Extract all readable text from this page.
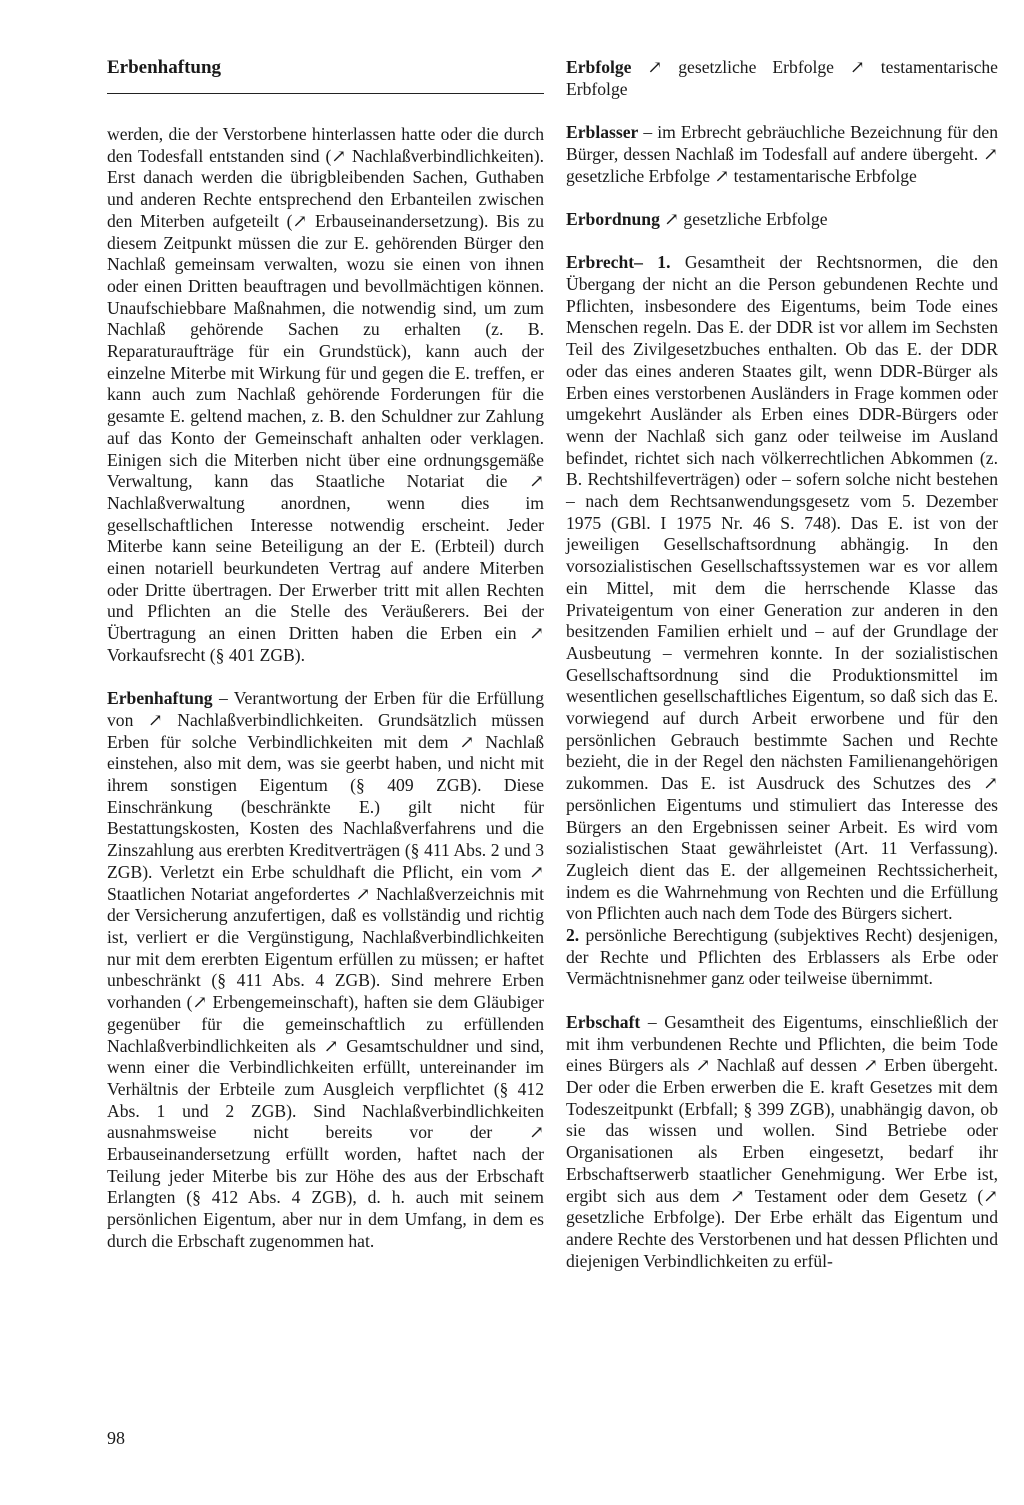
Erbenhaftung

werden, die der Verstorbene hinterlassen hatte oder die durch den Todesfall entstanden sind (↗ Nachlaßverbindlichkeiten). Erst danach werden die übrigbleibenden Sachen, Guthaben und anderen Rechte entsprechend den Erbanteilen zwischen den Miterben aufgeteilt (↗ Erbauseinandersetzung). Bis zu diesem Zeitpunkt müssen die zur E. gehörenden Bürger den Nachlaß gemeinsam verwalten, wozu sie einen von ihnen oder einen Dritten beauftragen und bevollmächtigen können. Unaufschiebbare Maßnahmen, die notwendig sind, um zum Nachlaß gehörende Sachen zu erhalten (z. B. Reparaturaufträge für ein Grundstück), kann auch der einzelne Miterbe mit Wirkung für und gegen die E. treffen, er kann auch zum Nachlaß gehörende Forderungen für die gesamte E. geltend machen, z. B. den Schuldner zur Zahlung auf das Konto der Gemeinschaft anhalten oder verklagen. Einigen sich die Miterben nicht über eine ordnungsgemäße Verwaltung, kann das Staatliche Notariat die ↗ Nachlaßverwaltung anordnen, wenn dies im gesellschaftlichen Interesse notwendig erscheint. Jeder Miterbe kann seine Beteiligung an der E. (Erbteil) durch einen notariell beurkundeten Vertrag auf andere Miterben oder Dritte übertragen. Der Erwerber tritt mit allen Rechten und Pflichten an die Stelle des Veräußerers. Bei der Übertragung an einen Dritten haben die Erben ein ↗ Vorkaufsrecht (§ 401 ZGB).

Erbenhaftung – Verantwortung der Erben für die Erfüllung von ↗ Nachlaßverbindlichkeiten. Grundsätzlich müssen Erben für solche Verbindlichkeiten mit dem ↗ Nachlaß einstehen, also mit dem, was sie geerbt haben, und nicht mit ihrem sonstigen Eigentum (§ 409 ZGB). Diese Einschränkung (beschränkte E.) gilt nicht für Bestattungskosten, Kosten des Nachlaßverfahrens und die Zinszahlung aus ererbten Kreditverträgen (§ 411 Abs. 2 und 3 ZGB). Verletzt ein Erbe schuldhaft die Pflicht, ein vom ↗ Staatlichen Notariat angefordertes ↗ Nachlaßverzeichnis mit der Versicherung anzufertigen, daß es vollständig und richtig ist, verliert er die Vergünstigung, Nachlaßverbindlichkeiten nur mit dem ererbten Eigentum erfüllen zu müssen; er haftet unbeschränkt (§ 411 Abs. 4 ZGB). Sind mehrere Erben vorhanden (↗ Erbengemeinschaft), haften sie dem Gläubiger gegenüber für die gemeinschaftlich zu erfüllenden Nachlaßverbindlichkeiten als ↗ Gesamtschuldner und sind, wenn einer die Verbindlichkeiten erfüllt, untereinander im Verhältnis der Erbteile zum Ausgleich verpflichtet (§ 412 Abs. 1 und 2 ZGB). Sind Nachlaßverbindlichkeiten ausnahmsweise nicht bereits vor der ↗ Erbauseinandersetzung erfüllt worden, haftet nach der Teilung jeder Miterbe bis zur Höhe des aus der Erbschaft Erlangten (§ 412 Abs. 4 ZGB), d. h. auch mit seinem persönlichen Eigentum, aber nur in dem Umfang, in dem es durch die Erbschaft zugenommen hat.

Erbfolge ↗ gesetzliche Erbfolge ↗ testamentarische Erbfolge

Erblasser – im Erbrecht gebräuchliche Bezeichnung für den Bürger, dessen Nachlaß im Todesfall auf andere übergeht. ↗ gesetzliche Erbfolge ↗ testamentarische Erbfolge

Erbordnung ↗ gesetzliche Erbfolge

Erbrecht– 1. Gesamtheit der Rechtsnormen, die den Übergang der nicht an die Person gebundenen Rechte und Pflichten, insbesondere des Eigentums, beim Tode eines Menschen regeln. Das E. der DDR ist vor allem im Sechsten Teil des Zivilgesetzbuches enthalten. Ob das E. der DDR oder das eines anderen Staates gilt, wenn DDR-Bürger als Erben eines verstorbenen Ausländers in Frage kommen oder umgekehrt Ausländer als Erben eines DDR-Bürgers oder wenn der Nachlaß sich ganz oder teilweise im Ausland befindet, richtet sich nach völkerrechtlichen Abkommen (z. B. Rechtshilfeverträgen) oder – sofern solche nicht bestehen – nach dem Rechtsanwendungsgesetz vom 5. Dezember 1975 (GBl. I 1975 Nr. 46 S. 748). Das E. ist von der jeweiligen Gesellschaftsordnung abhängig. In den vorsozialistischen Gesellschaftssystemen war es vor allem ein Mittel, mit dem die herrschende Klasse das Privateigentum von einer Generation zur anderen in den besitzenden Familien erhielt und – auf der Grundlage der Ausbeutung – vermehren konnte. In der sozialistischen Gesellschaftsordnung sind die Produktionsmittel im wesentlichen gesellschaftliches Eigentum, so daß sich das E. vorwiegend auf durch Arbeit erworbene und für den persönlichen Gebrauch bestimmte Sachen und Rechte bezieht, die in der Regel den nächsten Familienangehörigen zukommen. Das E. ist Ausdruck des Schutzes des ↗ persönlichen Eigentums und stimuliert das Interesse des Bürgers an den Ergebnissen seiner Arbeit. Es wird vom sozialistischen Staat gewährleistet (Art. 11 Verfassung). Zugleich dient das E. der allgemeinen Rechtssicherheit, indem es die Wahrnehmung von Rechten und die Erfüllung von Pflichten auch nach dem Tode des Bürgers sichert.

2. persönliche Berechtigung (subjektives Recht) desjenigen, der Rechte und Pflichten des Erblassers als Erbe oder Vermächtnisnehmer ganz oder teilweise übernimmt.

Erbschaft – Gesamtheit des Eigentums, einschließlich der mit ihm verbundenen Rechte und Pflichten, die beim Tode eines Bürgers als ↗ Nachlaß auf dessen ↗ Erben übergeht. Der oder die Erben erwerben die E. kraft Gesetzes mit dem Todeszeitpunkt (Erbfall; § 399 ZGB), unabhängig davon, ob sie das wissen und wollen. Sind Betriebe oder Organisationen als Erben eingesetzt, bedarf ihr Erbschaftserwerb staatlicher Genehmigung. Wer Erbe ist, ergibt sich aus dem ↗ Testament oder dem Gesetz (↗ gesetzliche Erbfolge). Der Erbe erhält das Eigentum und andere Rechte des Verstorbenen und hat dessen Pflichten und diejenigen Verbindlichkeiten zu erfül-

98
